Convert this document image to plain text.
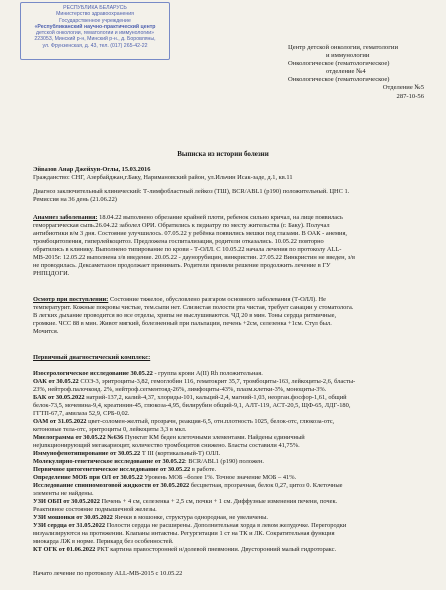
РЕСПУБЛИКА БЕЛАРУСЬ
Министерство здравоохранения
Государственное учреждение
«Республиканский научно-практический центр
детской онкологии, гематологии и иммунологии»
223053, Минский р-н, Минский р-н., д. Боровляны,
ул. Фрунзенская, д. 43, тел. (017) 265-42-22	Центр детской онкологии, гематологии
и иммунологии
Онкологическое (гематологическое)
отделение №4
Онкологическое (гематологическое)
Отделение №5
287-10-56
Выписка из истории болезни
Эйвазов Анар Джейхун-Оглы, 15.03.2016
Гражданство: СНГ, Азербайджан,г.Баку, Наримановский район, ул.Ильчин Исак-заде, д.1, кв.11
Диагноз заключительный клинический: Т-лимфобластный лейкоз (ТШ), BCR/ABL1 (p190) положительный. ЦНС 1.
Ремиссия на 36 день (21.06.22)
Анамнез заболевания: 18.04.22 выполнено обрезание крайней плоти, ребенок сильно кричал, на лице появилась
геморрагическая сыпь.26.04.22 заболел ОРИ. Обратились к педиатру по месту жительства (г. Баку). Получал
антибиотики в/м 3 дня. Состояние улучшилось. 07.05.22 у ребёнка появились мешки под глазами. В ОАК - анемия,
тромбоцитопения, гиперлейкоцитоз. Предложена госпитализация, родители отказались. 10.05.22 повторно
обратились в клинику. Выполнено типирование по крови - Т-ОЛЛ. С 10.05.22 начала лечения по протоколу ALL-
MB-2015г. 12.05.22 выполнена з/в введение. 20.05.22 - даунорубицин, винкристин. 27.05.22 Винкристин не введен, з/в
не проводилась. Дексаметазон продолжает принимать. Родители приняли решение продолжить лечение в ГУ
РНПЦДОГИ.
Осмотр при поступлении: Состояние тяжелое, обусловлено разгаром основного заболевания (Т-ОЛЛ). Не
температурит. Кожные покровы чистые, тем.сыпи нет. Слизистая полости рта чистая, требует санации у стоматолога.
В легких дыхание проводится во все отделы, хрипы не выслушиваются. ЧД 20 в мин. Тоны сердца ритмичные,
громкие. ЧСС 88 в мин. Живот мягкий, болезненный при пальпации, печень +2см, селезенка +1см. Стул был.
Мочится.
Первичный диагностический комплекс:
Изосерологическое исследование 30.05.22 - группа крови А(II) Rh положительная.
ОАК от 30.05.22 СОЭ-3, эритроциты-3,82, гемоглобин 116, гематокрит 35,7, тромбоциты-163, лейкоциты-2,6, бласты-
23%, нейтроф.палочкояд. 2%, нейтроф.сегментояд-26%, лимфоциты-43%, плазм.клетки-3%, моноциты-3%.
БАК от 30.05.2022 натрий-137,2, калий-4,37, хлориды-101, кальций-2,4, магний-1,03, неорган.фосфор-1,61, общий
белок-73,5, мочевина-9,4, креатинин-45, глюкоза-4,95, билирубин общий-9,1, АЛТ-119, АСТ-20,5, ЩФ-65, ЛДГ-180,
ГГТП-67,7, амилаза 52,9, СРБ-0,02.
ОАМ от 31.05.2022 цвет-соломен-желтый, прозрачн, реакция-6,5, отн.плотность 1025, белок-отс, глюкоза-отс,
кетоновые тела-отс, эритроциты 0, лейкоциты 3,3 в мкл.
Миелограмма от 30.05.22 №636 Пунктат КМ беден клеточными элементами. Найдены единичный
неjunкционирующий мегакариоцит, количество тромбоцитов снижено. Бласты составили 41,75%.
Иммунофенотипирование от 30.05.22 Т III (кортикальный-Т) ОЛЛ.
Молекулярно-генетическое исследование от 30.05.22: BCR/ABL1 (p190) положен.
Первичное цитогенетическое исследование от 30.05.22 в работе.
Определение МОБ при ОЛ от 30.05.22 Уровень МОБ –более 1%. Точное значение МОБ – 41%.
Исследование спинномозговой жидкости от 30.05.2022 бесцветная, прозрачная, белок 0,27, цитоз 0. Клеточные
элементы не найдены.
УЗИ ОБП от 30.05.2022 Печень + 4 см, селезенка + 2,5 см, почки + 1 см. Диффузные изменения печени, почек.
Реактивное состояние подмышечной железы.
УЗИ мошонки от 30.05.2022 Яички в мошонке, структура однородная, не увеличены.
УЗИ сердца от 31.05.2022 Полости сердца не расширены. Дополнительная хорда в левом желудочке. Перегородки
визуализируются на протяжении. Клапаны интактны. Регургитации 1 ст на ТК и ЛК. Сократительная функция
миокарда ЛЖ в норме. Перикард без особенностей.
КТ ОГК от 01.06.2022 РКТ картина правосторонней н/долевой пневмонии. Двусторонний малый гидроторакс.
Начато лечение по протоколу ALL-MB-2015 с 10.05.22
